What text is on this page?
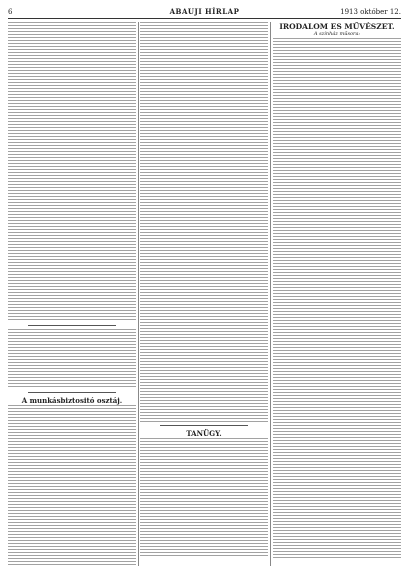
6	ABAUJI HÍRLAP	1913 október 12.
A munkásbiztositó osztáj.
TANÜGY.
IRODALOM ES MŰVÉSZET.
A színház műsora:
